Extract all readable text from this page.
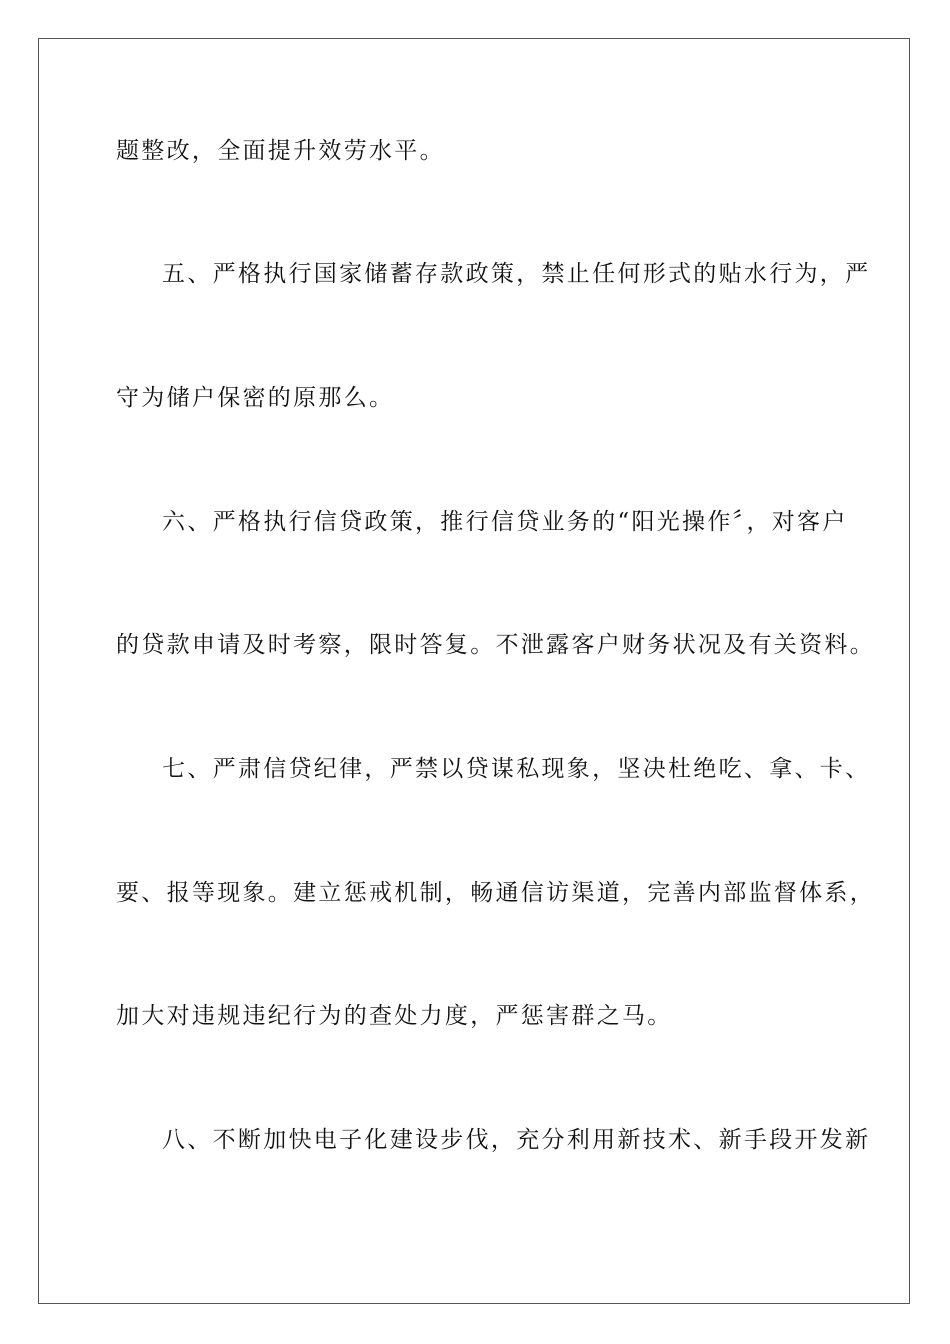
题整改，全面提升效劳水平。
五、严格执行国家储蓄存款政策，禁止任何形式的贴水行为，严
守为储户保密的原那么。
六、严格执行信贷政策，推行信贷业务的“阳光操作〞，对客户
的贷款申请及时考察，限时答复。不泄露客户财务状况及有关资料。
七、严肃信贷纪律，严禁以贷谋私现象，坚决杜绝吃、拿、卡、
要、报等现象。建立惩戒机制，畅通信访渠道，完善内部监督体系，
加大对违规违纪行为的查处力度，严惩害群之马。
八、不断加快电子化建设步伐，充分利用新技术、新手段开发新
